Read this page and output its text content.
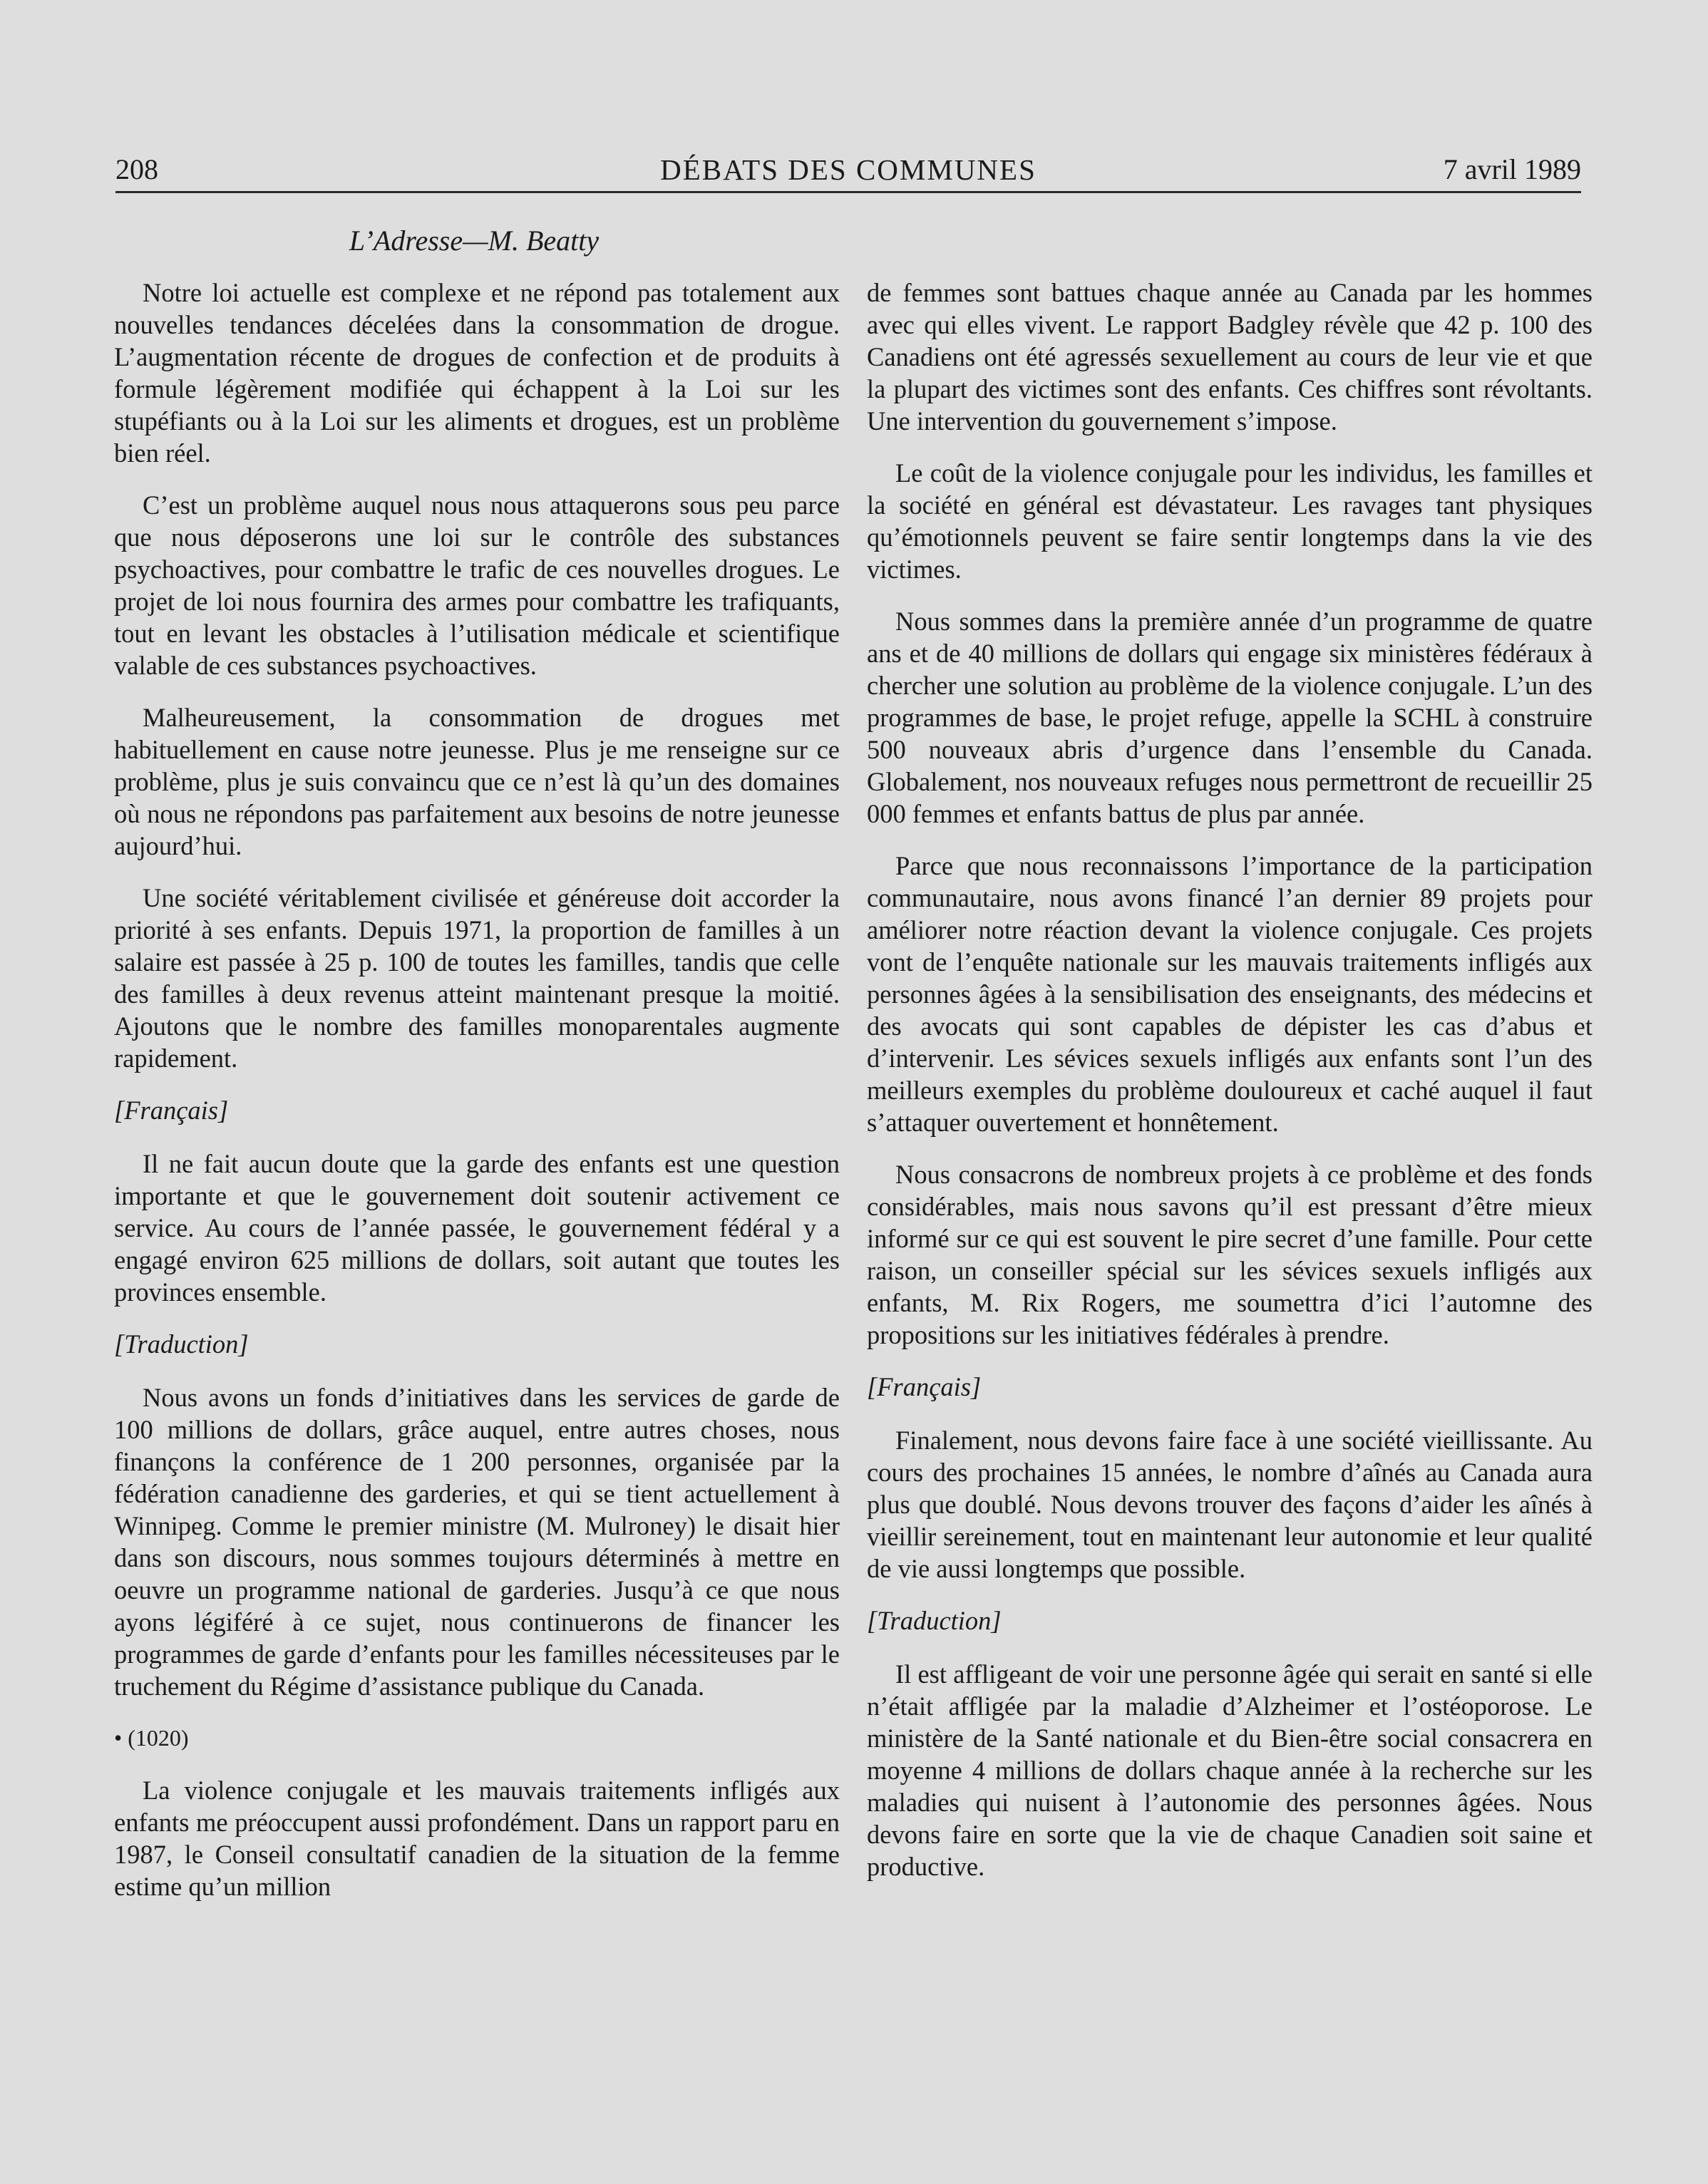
208	DÉBATS DES COMMUNES	7 avril 1989
L’Adresse—M. Beatty

Notre loi actuelle est complexe et ne répond pas totalement aux nouvelles tendances décelées dans la consommation de drogue. L’augmentation récente de drogues de confection et de produits à formule légèrement modifiée qui échappent à la Loi sur les stupéfiants ou à la Loi sur les aliments et drogues, est un problème bien réel.

C’est un problème auquel nous nous attaquerons sous peu parce que nous déposerons une loi sur le contrôle des substances psychoactives, pour combattre le trafic de ces nouvelles drogues. Le projet de loi nous fournira des armes pour combattre les trafiquants, tout en levant les obstacles à l’utilisation médicale et scientifique valable de ces substances psychoactives.

Malheureusement, la consommation de drogues met habituellement en cause notre jeunesse. Plus je me renseigne sur ce problème, plus je suis convaincu que ce n’est là qu’un des domaines où nous ne répondons pas parfaitement aux besoins de notre jeunesse aujourd’hui.

Une société véritablement civilisée et généreuse doit accorder la priorité à ses enfants. Depuis 1971, la proportion de familles à un salaire est passée à 25 p. 100 de toutes les familles, tandis que celle des familles à deux revenus atteint maintenant presque la moitié. Ajoutons que le nombre des familles monoparentales augmente rapidement.

[Français]

Il ne fait aucun doute que la garde des enfants est une question importante et que le gouvernement doit soutenir activement ce service. Au cours de l’année passée, le gouvernement fédéral y a engagé environ 625 millions de dollars, soit autant que toutes les provinces ensemble.

[Traduction]

Nous avons un fonds d’initiatives dans les services de garde de 100 millions de dollars, grâce auquel, entre autres choses, nous finançons la conférence de 1 200 personnes, organisée par la fédération canadienne des garderies, et qui se tient actuellement à Winnipeg. Comme le premier ministre (M. Mulroney) le disait hier dans son discours, nous sommes toujours déterminés à mettre en oeuvre un programme national de garderies. Jusqu’à ce que nous ayons légiféré à ce sujet, nous continuerons de financer les programmes de garde d’enfants pour les familles nécessiteuses par le truchement du Régime d’assistance publique du Canada.

• (1020)

La violence conjugale et les mauvais traitements infligés aux enfants me préoccupent aussi profondément. Dans un rapport paru en 1987, le Conseil consultatif canadien de la situation de la femme estime qu’un million

de femmes sont battues chaque année au Canada par les hommes avec qui elles vivent. Le rapport Badgley révèle que 42 p. 100 des Canadiens ont été agressés sexuellement au cours de leur vie et que la plupart des victimes sont des enfants. Ces chiffres sont révoltants. Une intervention du gouvernement s’impose.

Le coût de la violence conjugale pour les individus, les familles et la société en général est dévastateur. Les ravages tant physiques qu’émotionnels peuvent se faire sentir longtemps dans la vie des victimes.

Nous sommes dans la première année d’un programme de quatre ans et de 40 millions de dollars qui engage six ministères fédéraux à chercher une solution au problème de la violence conjugale. L’un des programmes de base, le projet refuge, appelle la SCHL à construire 500 nouveaux abris d’urgence dans l’ensemble du Canada. Globalement, nos nouveaux refuges nous permettront de recueillir 25 000 femmes et enfants battus de plus par année.

Parce que nous reconnaissons l’importance de la participation communautaire, nous avons financé l’an dernier 89 projets pour améliorer notre réaction devant la violence conjugale. Ces projets vont de l’enquête nationale sur les mauvais traitements infligés aux personnes âgées à la sensibilisation des enseignants, des médecins et des avocats qui sont capables de dépister les cas d’abus et d’intervenir. Les sévices sexuels infligés aux enfants sont l’un des meilleurs exemples du problème douloureux et caché auquel il faut s’attaquer ouvertement et honnêtement.

Nous consacrons de nombreux projets à ce problème et des fonds considérables, mais nous savons qu’il est pressant d’être mieux informé sur ce qui est souvent le pire secret d’une famille. Pour cette raison, un conseiller spécial sur les sévices sexuels infligés aux enfants, M. Rix Rogers, me soumettra d’ici l’automne des propositions sur les initiatives fédérales à prendre.

[Français]

Finalement, nous devons faire face à une société vieillissante. Au cours des prochaines 15 années, le nombre d’aînés au Canada aura plus que doublé. Nous devons trouver des façons d’aider les aînés à vieillir sereinement, tout en maintenant leur autonomie et leur qualité de vie aussi longtemps que possible.

[Traduction]

Il est affligeant de voir une personne âgée qui serait en santé si elle n’était affligée par la maladie d’Alzheimer et l’ostéoporose. Le ministère de la Santé nationale et du Bien-être social consacrera en moyenne 4 millions de dollars chaque année à la recherche sur les maladies qui nuisent à l’autonomie des personnes âgées. Nous devons faire en sorte que la vie de chaque Canadien soit saine et productive.
